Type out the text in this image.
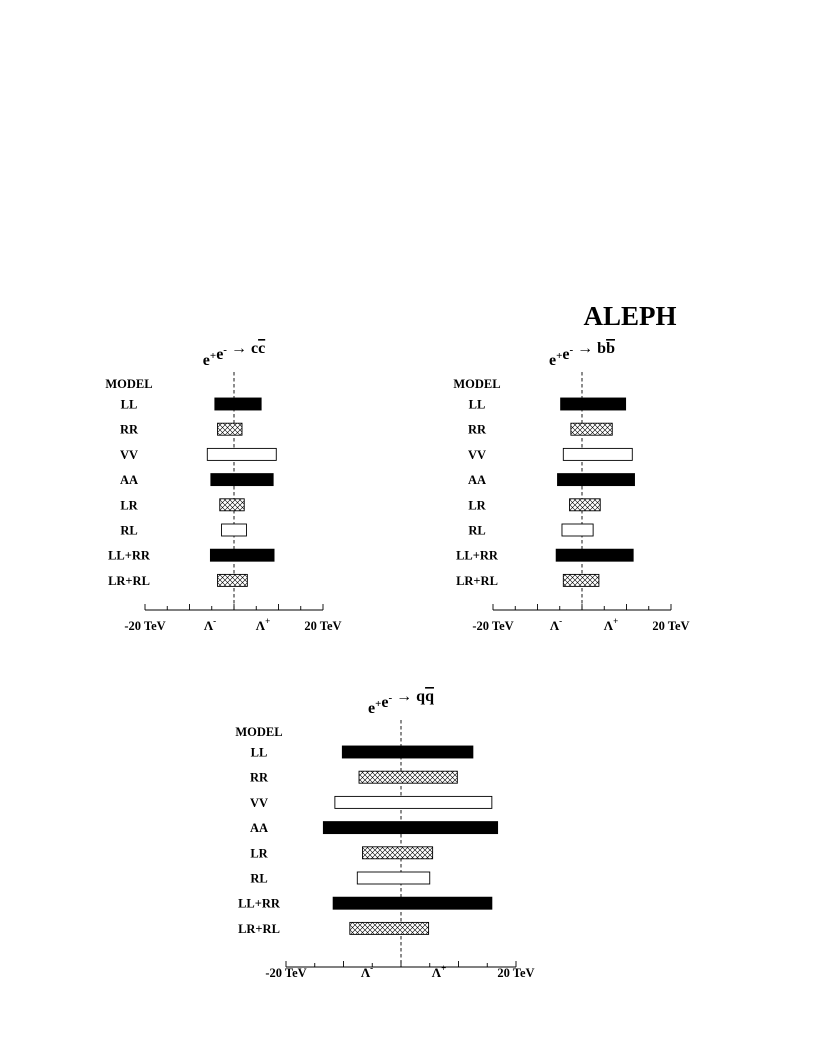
ALEPH
e+e- → cc
MODEL
LL
RR
VV
AA
LR
RL
LL+RR
LR+RL
-20 TeV	20 TeV
Λ-	Λ+
e+e- → bb
MODEL
LL
RR
VV
AA
LR
RL
LL+RR
LR+RL
-20 TeV	20 TeV
Λ-	Λ+
e+e- → qq
MODEL
LL
RR
VV
AA
LR
RL
LL+RR
LR+RL
-20 TeV	20 TeV
Λ-	Λ+
